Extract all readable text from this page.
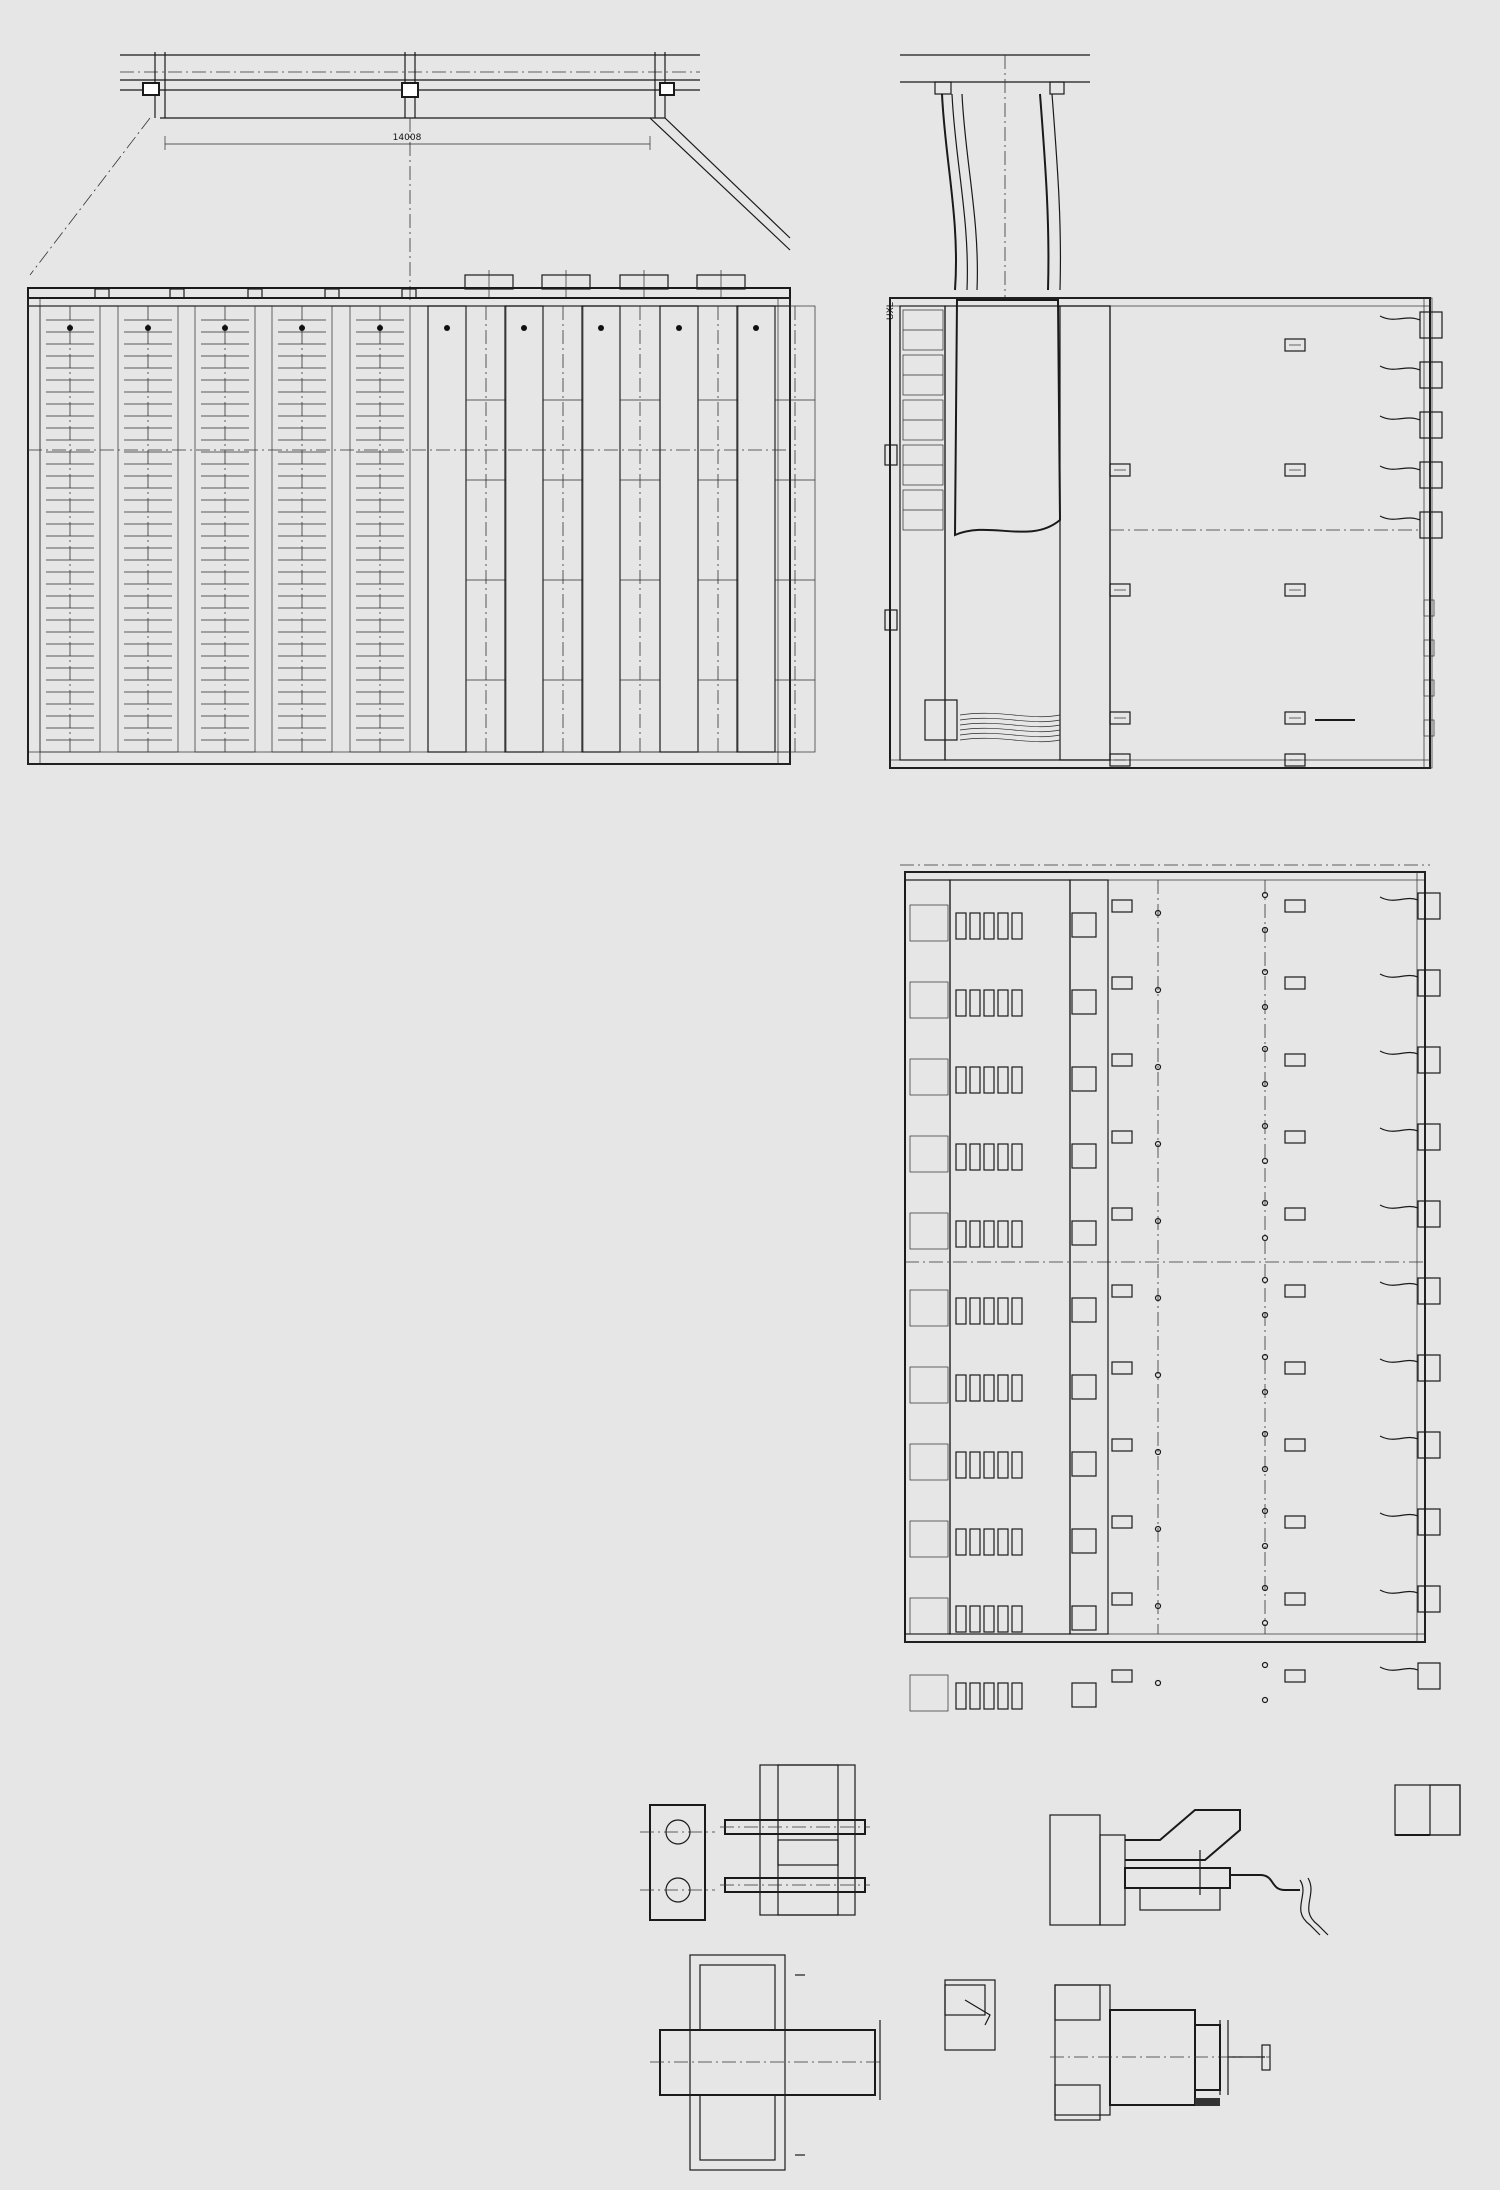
14008
UXL
